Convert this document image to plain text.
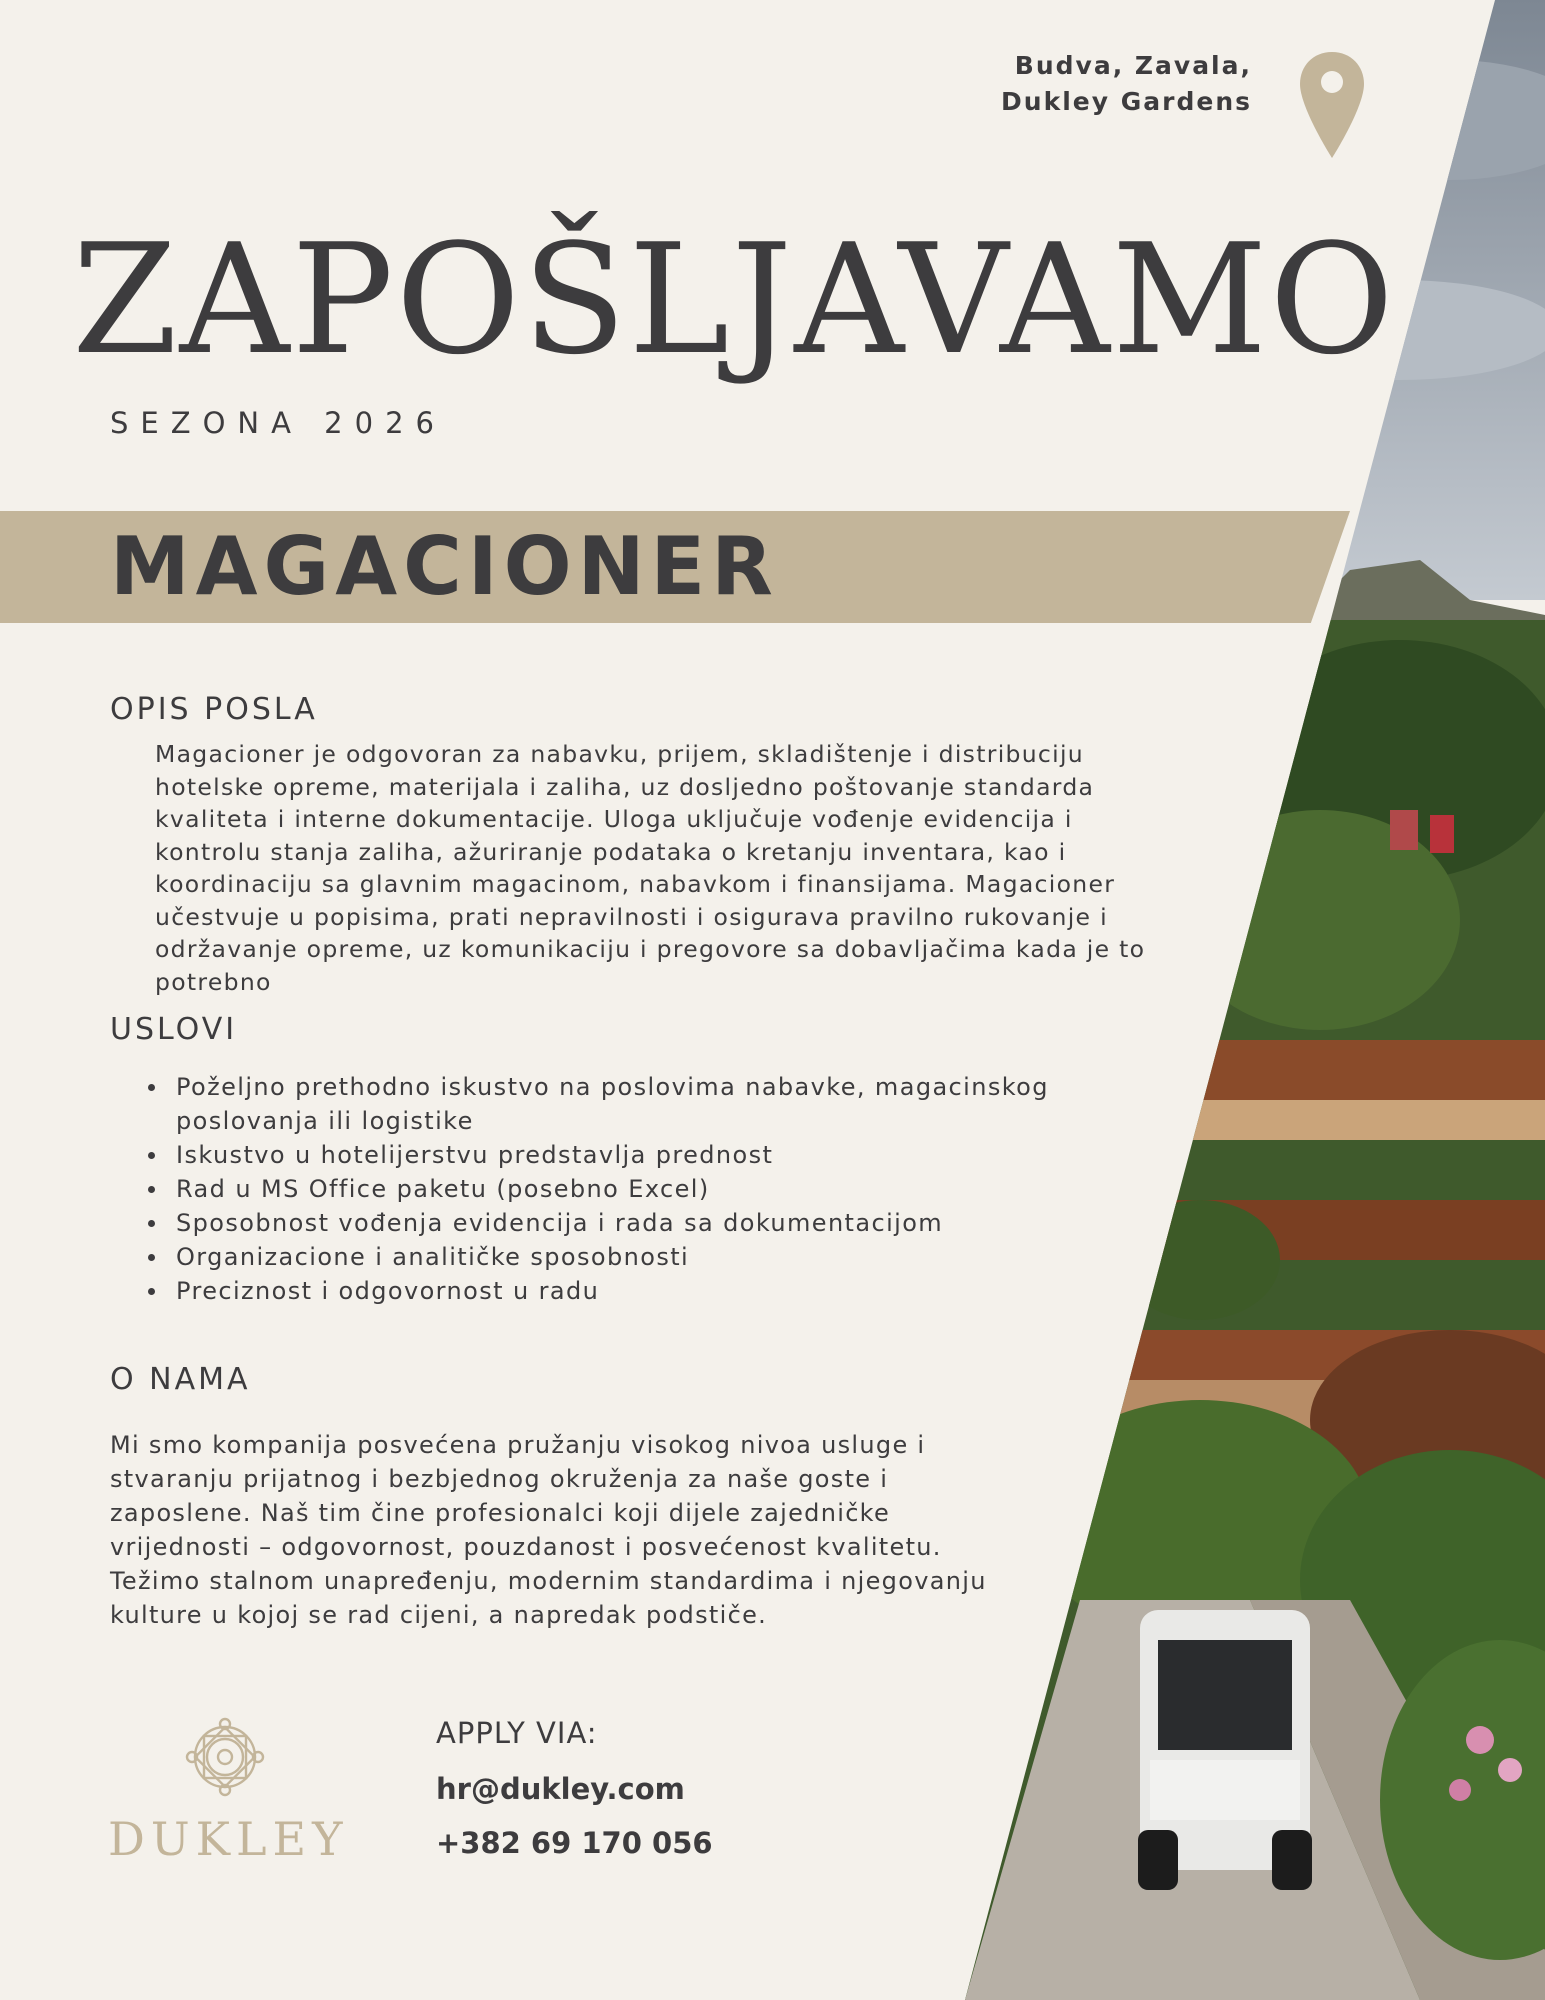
Budva, Zavala,
Dukley Gardens
ZAPOŠLJAVAMO
SEZONA 2026
MAGACIONER
OPIS POSLA

Magacioner je odgovoran za nabavku, prijem, skladištenje i distribuciju hotelske opreme, materijala i zaliha, uz dosljedno poštovanje standarda kvaliteta i interne dokumentacije. Uloga uključuje vođenje evidencija i kontrolu stanja zaliha, ažuriranje podataka o kretanju inventara, kao i koordinaciju sa glavnim magacinom, nabavkom i finansijama. Magacioner učestvuje u popisima, prati nepravilnosti i osigurava pravilno rukovanje i održavanje opreme, uz komunikaciju i pregovore sa dobavljačima kada je to potrebno

USLOVI
Poželjno prethodno iskustvo na poslovima nabavke, magacinskog poslovanja ili logistike
Iskustvo u hotelijerstvu predstavlja prednost
Rad u MS Office paketu (posebno Excel)
Sposobnost vođenja evidencija i rada sa dokumentacijom
Organizacione i analitičke sposobnosti
Preciznost i odgovornost u radu
O NAMA

Mi smo kompanija posvećena pružanju visokog nivoa usluge i stvaranju prijatnog i bezbjednog okruženja za naše goste i zaposlene. Naš tim čine profesionalci koji dijele zajedničke vrijednosti – odgovornost, pouzdanost i posvećenost kvalitetu. Težimo stalnom unapređenju, modernim standardima i njegovanju kulture u kojoj se rad cijeni, a napredak podstiče.

DUKLEY
APPLY VIA:
hr@dukley.com
+382 69 170 056
